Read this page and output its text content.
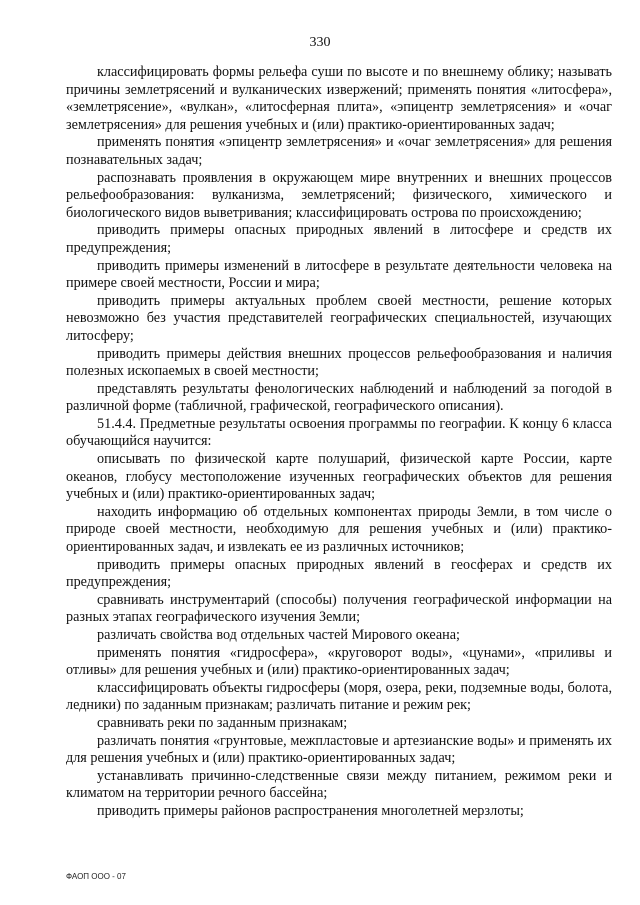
330

классифицировать формы рельефа суши по высоте и по внешнему облику; называть причины землетрясений и вулканических извержений; применять понятия «литосфера», «землетрясение», «вулкан», «литосферная плита», «эпицентр землетрясения» и «очаг землетрясения» для решения учебных и (или) практико-ориентированных задач;

применять понятия «эпицентр землетрясения» и «очаг землетрясения» для решения познавательных задач;

распознавать проявления в окружающем мире внутренних и внешних процессов рельефообразования: вулканизма, землетрясений; физического, химического и биологического видов выветривания; классифицировать острова по происхождению;

приводить примеры опасных природных явлений в литосфере и средств их предупреждения;

приводить примеры изменений в литосфере в результате деятельности человека на примере своей местности, России и мира;

приводить примеры актуальных проблем своей местности, решение которых невозможно без участия представителей географических специальностей, изучающих литосферу;

приводить примеры действия внешних процессов рельефообразования и наличия полезных ископаемых в своей местности;

представлять результаты фенологических наблюдений и наблюдений за погодой в различной форме (табличной, графической, географического описания).

51.4.4. Предметные результаты освоения программы по географии. К концу 6 класса обучающийся научится:

описывать по физической карте полушарий, физической карте России, карте океанов, глобусу местоположение изученных географических объектов для решения учебных и (или) практико-ориентированных задач;

находить информацию об отдельных компонентах природы Земли, в том числе о природе своей местности, необходимую для решения учебных и (или) практико-ориентированных задач, и извлекать ее из различных источников;

приводить примеры опасных природных явлений в геосферах и средств их предупреждения;

сравнивать инструментарий (способы) получения географической информации на разных этапах географического изучения Земли;

различать свойства вод отдельных частей Мирового океана;

применять понятия «гидросфера», «круговорот воды», «цунами», «приливы и отливы» для решения учебных и (или) практико-ориентированных задач;

классифицировать объекты гидросферы (моря, озера, реки, подземные воды, болота, ледники) по заданным признакам; различать питание и режим рек;

сравнивать реки по заданным признакам;

различать понятия «грунтовые, межпластовые и артезианские воды» и применять их для решения учебных и (или) практико-ориентированных задач;

устанавливать причинно-следственные связи между питанием, режимом реки и климатом на территории речного бассейна;

приводить примеры районов распространения многолетней мерзлоты;

ФАОП ООО - 07
